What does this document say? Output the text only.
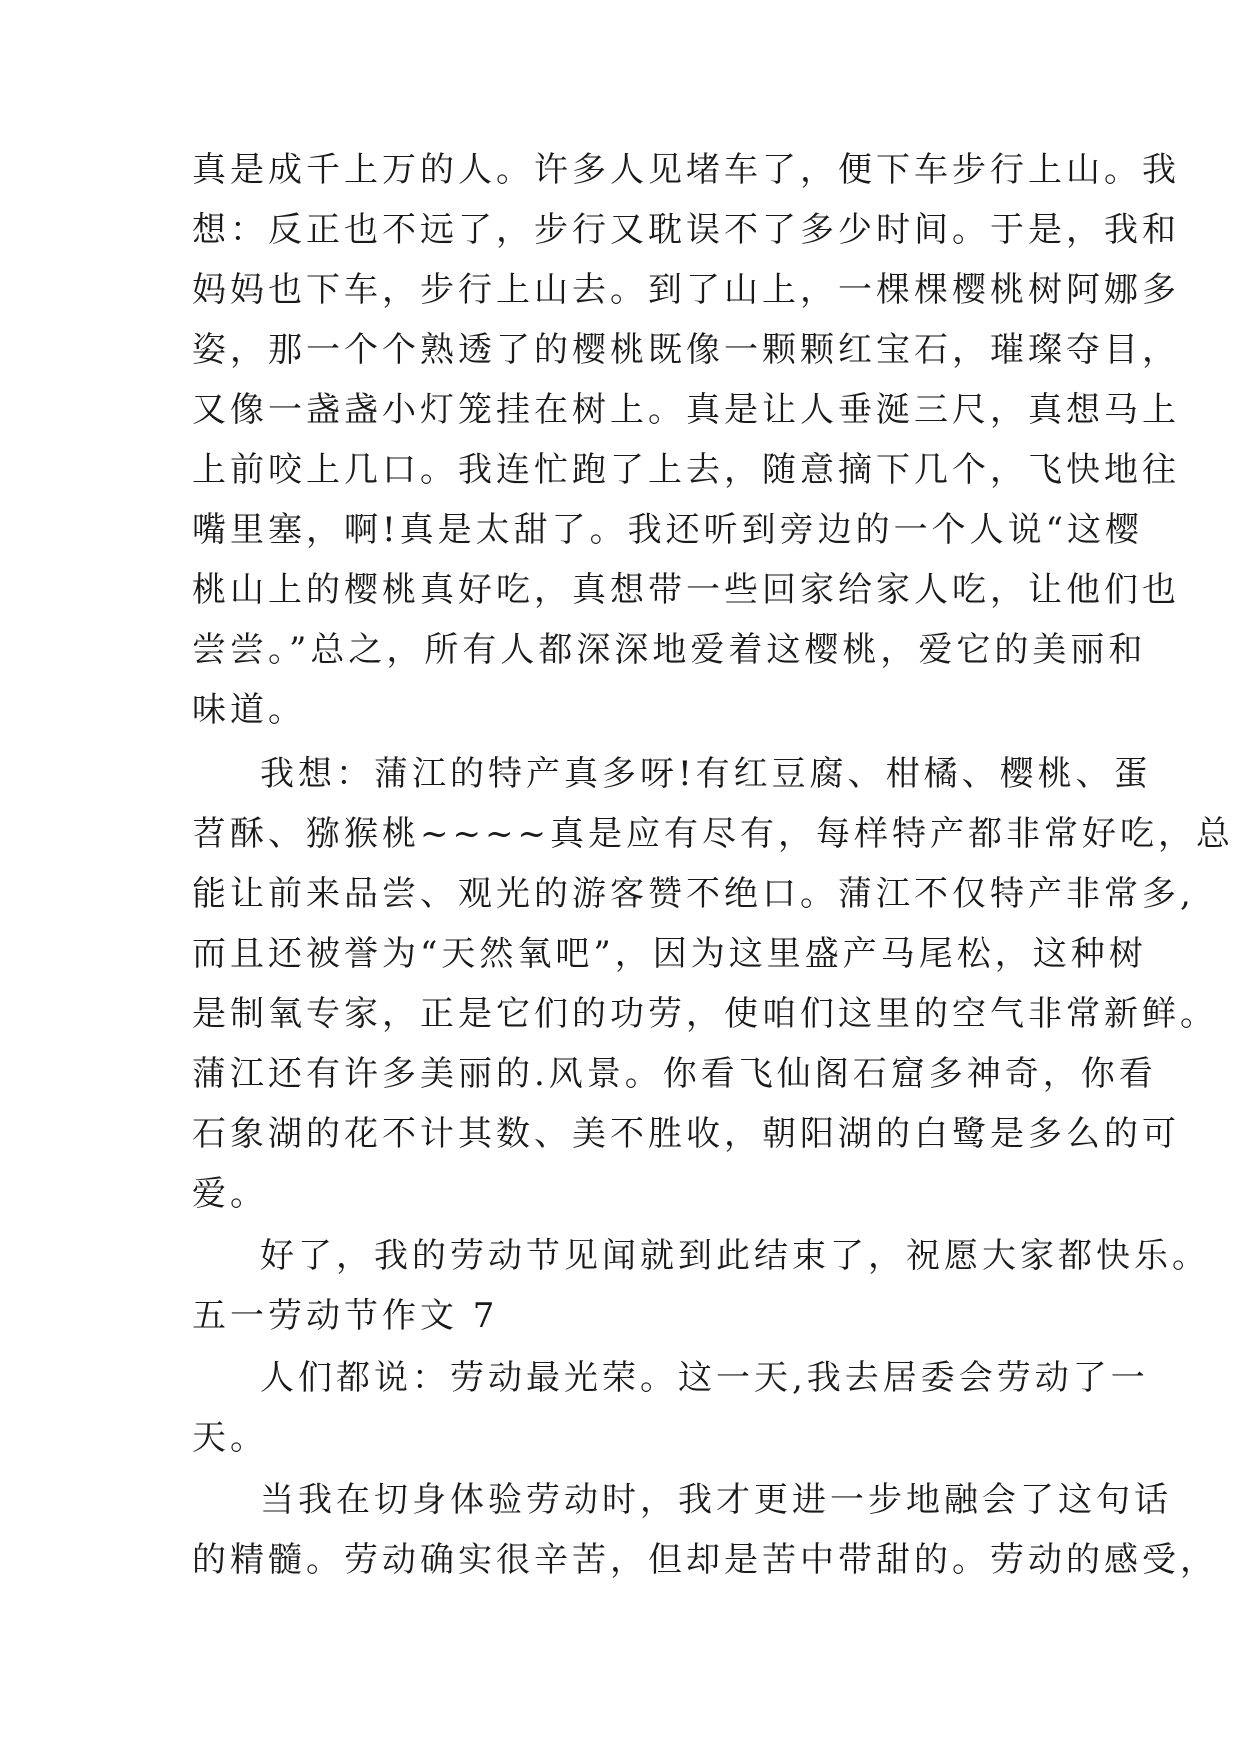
真是成千上万的人。许多人见堵车了，便下车步行上山。我
想：反正也不远了，步行又耽误不了多少时间。于是，我和
妈妈也下车，步行上山去。到了山上，一棵棵樱桃树阿娜多
姿，那一个个熟透了的樱桃既像一颗颗红宝石，璀璨夺目，
又像一盏盏小灯笼挂在树上。真是让人垂涎三尺，真想马上
上前咬上几口。我连忙跑了上去，随意摘下几个，飞快地往
嘴里塞，啊!真是太甜了。我还听到旁边的一个人说“这樱
桃山上的樱桃真好吃，真想带一些回家给家人吃，让他们也
尝尝。”总之，所有人都深深地爱着这樱桃，爱它的美丽和
味道。
我想：蒲江的特产真多呀!有红豆腐、柑橘、樱桃、蛋
苕酥、猕猴桃~~~~真是应有尽有，每样特产都非常好吃，总
能让前来品尝、观光的游客赞不绝口。蒲江不仅特产非常多,
而且还被誉为“天然氧吧”，因为这里盛产马尾松，这种树
是制氧专家，正是它们的功劳，使咱们这里的空气非常新鲜。
蒲江还有许多美丽的.风景。你看飞仙阁石窟多神奇，你看
石象湖的花不计其数、美不胜收，朝阳湖的白鹭是多么的可
爱。
好了，我的劳动节见闻就到此结束了，祝愿大家都快乐。
五一劳动节作文 7
人们都说：劳动最光荣。这一天,我去居委会劳动了一
天。
当我在切身体验劳动时，我才更进一步地融会了这句话
的精髓。劳动确实很辛苦，但却是苦中带甜的。劳动的感受，
